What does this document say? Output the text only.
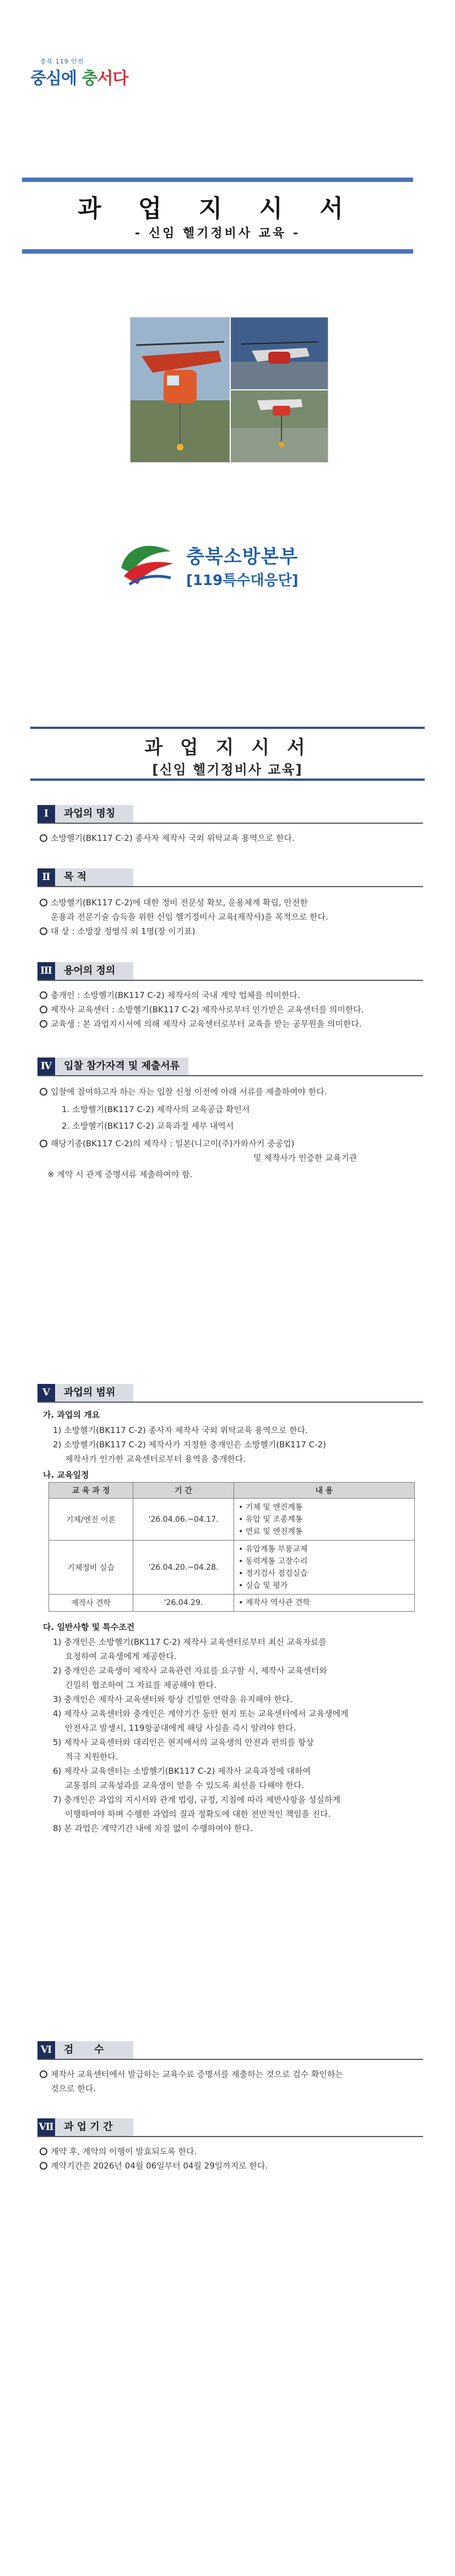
충북 119 안전
중심에 충서다
과 업 지 시 서
- 신임 헬기정비사 교육 -
충북소방본부
[119특수대응단]
과 업 지 시 서
[신임 헬기정비사 교육]
Ⅰ	과업의 명칭
소방헬기(BK117 C-2) 종사자 제작사 국외 위탁교육 용역으로 한다.
Ⅱ	목 적
소방헬기(BK117 C-2)에 대한 정비 전문성 확보, 운용체계 확립, 안전한
운용과 전문기술 습득을 위한 신임 헬기정비사 교육(제작사)을 목적으로 한다.
대 상 : 소방장 정영식 외 1명(장 이기표)
Ⅲ	용어의 정의
충개인 : 소방헬기(BK117 C-2) 제작사의 국내 계약 업체를 의미한다.
제작사 교육센터 : 소방헬기(BK117 C-2) 제작사로부터 인가받은 교육센터를 의미한다.
교육생 : 본 과업지시서에 의해 제작사 교육센터로부터 교육을 받는 공무원을 의미한다.
Ⅳ	입찰 참가자격 및 제출서류
입찰에 참여하고자 하는 자는 입찰 신청 이전에 아래 서류를 제출하여야 한다.
1. 소방헬기(BK117 C-2) 제작사의 교육공급 확인서
2. 소방헬기(BK117 C-2) 교육과정 세부 내역서
해당기종(BK117 C-2)의 제작사 : 일본(니고이(주)가와사키 중공업)
및 제작사가 인증한 교육기관
※ 계약 시 관계 증명서류 제출하여야 함.
Ⅴ	과업의 범위
가. 과업의 개요
1) 소방헬기(BK117 C-2) 종사자 제작사 국외 위탁교육 용역으로 한다.
2) 소방헬기(BK117 C-2) 제작사가 지정한 충개인은 소방헬기(BK117 C-2)
제작사가 인가한 교육센터로부터 용역을 충개한다.
나. 교육일정
교 육 과 정	기 간	내 용
기체/엔진 이론	'26.04.06.~04.17.	• 기체 및 엔진계통
• 유압 및 조종계통
• 연료 및 엔진계통

기체정비 실습	'26.04.20.~04.28.	• 유압계통 부품교체
• 동력계통 고장수리
• 정기검사 점검실습
• 실습 및 평가

제작사 견학	'26.04.29.	• 제작사 역사관 견학
다. 일반사항 및 특수조건
1) 충개인은 소방헬기(BK117 C-2) 제작사 교육센터로부터 최신 교육자료를
요청하여 교육생에게 제공한다.
2) 충개인은 교육생이 제작사 교육관련 자료를 요구할 시, 제작사 교육센터와
긴밀히 협조하여 그 자료를 제공해야 한다.
3) 충개인은 제작사 교육센터와 항상 긴밀한 연락을 유지해야 한다.
4) 제작사 교육센터와 충개인은 계약기간 동안 현지 또는 교육센터에서 교육생에게
안전사고 발생시, 119항공대에게 해당 사실을 즉시 알려야 한다.
5) 제작사 교육센터와 대리인은 현지에서의 교육생의 안전과 편의를 항상
적극 지원한다.
6) 제작사 교육센터는 소방헬기(BK117 C-2) 제작사 교육과정에 대하여
교통점의 교육성과를 교육생이 얻을 수 있도록 최선을 다해야 한다.
7) 충개인은 과업의 지시서와 관계 법령, 규정, 지침에 따라 제반사항을 성실하게
이행하여야 하며 수행한 과업의 질과 정확도에 대한 전반적인 책임을 진다.
8) 본 과업은 계약기간 내에 차질 없이 수행하여야 한다.
Ⅵ	검      수
제작사 교육센터에서 발급하는 교육수료 증명서를 제출하는 것으로 검수 확인하는
것으로 한다.
Ⅶ	과 업 기 간
계약 후, 계약의 이행이 발효되도록 한다.
계약기간은 2026년 04월 06일부터 04월 29일까지로 한다.
